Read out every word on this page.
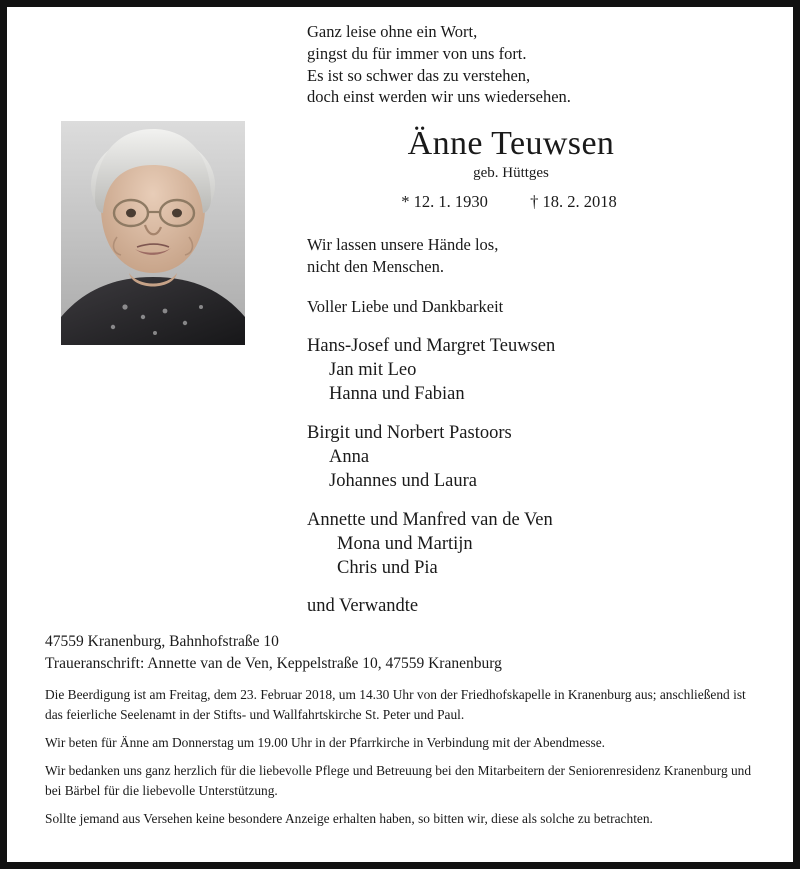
Ganz leise ohne ein Wort,
gingst du für immer von uns fort.
Es ist so schwer das zu verstehen,
doch einst werden wir uns wiedersehen.
Änne Teuwsen
geb. Hüttges
* 12. 1. 1930	† 18. 2. 2018
Wir lassen unsere Hände los,
nicht den Menschen.
Voller Liebe und Dankbarkeit
Hans-Josef und Margret Teuwsen
Jan mit Leo
Hanna und Fabian
Birgit und Norbert Pastoors
Anna
Johannes und Laura
Annette und Manfred van de Ven
Mona und Martijn
Chris und Pia
und Verwandte
47559 Kranenburg, Bahnhofstraße 10
Traueranschrift: Annette van de Ven, Keppelstraße 10, 47559 Kranenburg

Die Beerdigung ist am Freitag, dem 23. Februar 2018, um 14.30 Uhr von der Friedhofskapelle in Kranenburg aus; anschließend ist das feierliche Seelenamt in der Stifts- und Wallfahrtskirche St. Peter und Paul.

Wir beten für Änne am Donnerstag um 19.00 Uhr in der Pfarrkirche in Verbindung mit der Abendmesse.

Wir bedanken uns ganz herzlich für die liebevolle Pflege und Betreuung bei den Mitarbeitern der Seniorenresidenz Kranenburg und bei Bärbel für die liebevolle Unterstützung.

Sollte jemand aus Versehen keine besondere Anzeige erhalten haben, so bitten wir, diese als solche zu betrachten.
